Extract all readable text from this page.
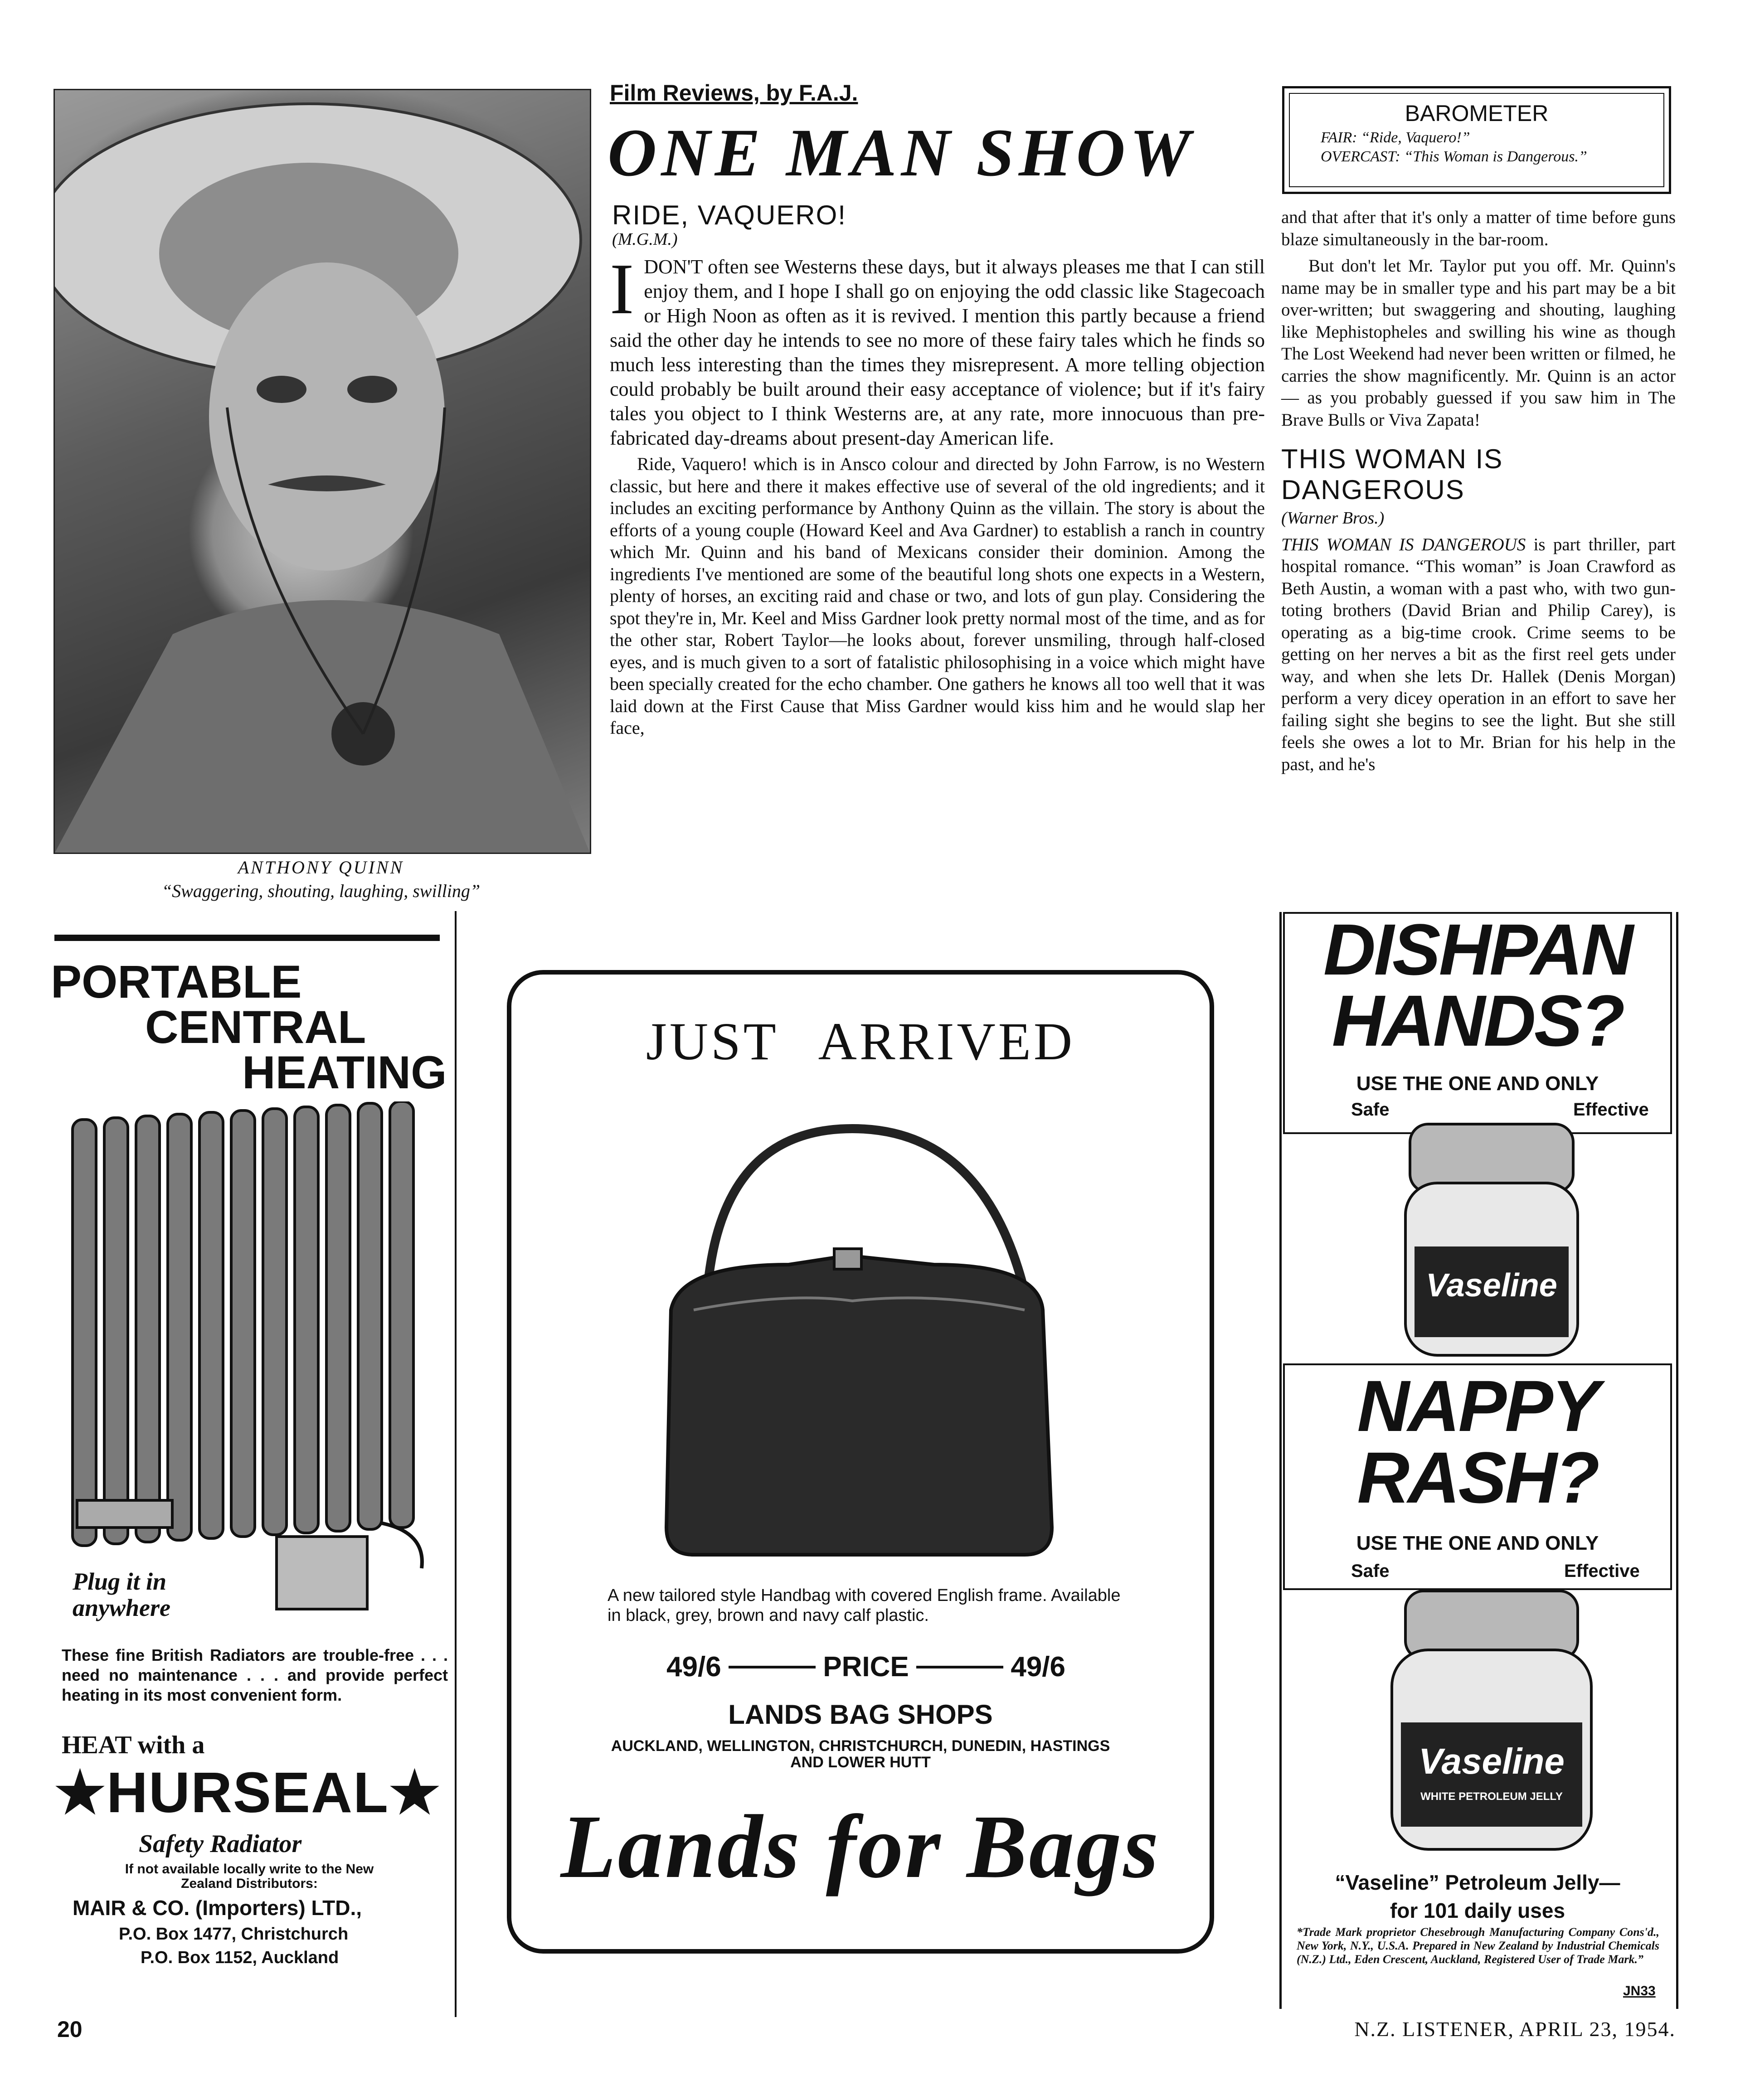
ANTHONY QUINN
“Swaggering, shouting, laughing, swilling”
Film Reviews, by F.A.J.
ONE MAN SHOW
RIDE, VAQUERO!
(M.G.M.)
I DON'T often see Westerns these days, but it always pleases me that I can still enjoy them, and I hope I shall go on enjoying the odd classic like Stagecoach or High Noon as often as it is revived. I mention this partly because a friend said the other day he intends to see no more of these fairy tales which he finds so much less interesting than the times they misrepresent. A more telling objection could probably be built around their easy acceptance of violence; but if it's fairy tales you object to I think Westerns are, at any rate, more innocuous than pre-fabricated day-dreams about present-day American life.

Ride, Vaquero! which is in Ansco colour and directed by John Farrow, is no Western classic, but here and there it makes effective use of several of the old ingredients; and it includes an exciting performance by Anthony Quinn as the villain. The story is about the efforts of a young couple (Howard Keel and Ava Gardner) to establish a ranch in country which Mr. Quinn and his band of Mexicans consider their dominion. Among the ingredients I've mentioned are some of the beautiful long shots one expects in a Western, plenty of horses, an exciting raid and chase or two, and lots of gun play. Considering the spot they're in, Mr. Keel and Miss Gardner look pretty normal most of the time, and as for the other star, Robert Taylor—he looks about, forever unsmiling, through half-closed eyes, and is much given to a sort of fatalistic philosophising in a voice which might have been specially created for the echo chamber. One gathers he knows all too well that it was laid down at the First Cause that Miss Gardner would kiss him and he would slap her face,

BAROMETER
FAIR: “Ride, Vaquero!”
OVERCAST: “This Woman is Dangerous.”

and that after that it's only a matter of time before guns blaze simultaneously in the bar-room.

But don't let Mr. Taylor put you off. Mr. Quinn's name may be in smaller type and his part may be a bit over-written; but swaggering and shouting, laughing like Mephistopheles and swilling his wine as though The Lost Weekend had never been written or filmed, he carries the show magnificently. Mr. Quinn is an actor — as you probably guessed if you saw him in The Brave Bulls or Viva Zapata!

THIS WOMAN IS DANGEROUS
(Warner Bros.)

THIS WOMAN IS DANGEROUS is part thriller, part hospital romance. “This woman” is Joan Crawford as Beth Austin, a woman with a past who, with two gun-toting brothers (David Brian and Philip Carey), is operating as a big-time crook. Crime seems to be getting on her nerves a bit as the first reel gets under way, and when she lets Dr. Hallek (Denis Morgan) perform a very dicey operation in an effort to save her failing sight she begins to see the light. But she still feels she owes a lot to Mr. Brian for his help in the past, and he's

PORTABLE
CENTRAL
HEATING
Plug it in anywhere
These fine British Radiators are trouble-free . . . need no maintenance . . . and provide perfect heating in its most convenient form.
HEAT with a
★HURSEAL★
Safety Radiator
If not available locally write to the New Zealand Distributors:
MAIR & CO. (Importers) LTD.,
P.O. Box 1477, Christchurch
P.O. Box 1152, Auckland
JUST ARRIVED
A new tailored style Handbag with covered English frame. Available in black, grey, brown and navy calf plastic.
49/6	PRICE	49/6
LANDS BAG SHOPS
AUCKLAND, WELLINGTON, CHRISTCHURCH, DUNEDIN, HASTINGS AND LOWER HUTT
Lands for Bags
DISHPAN
HANDS?
USE THE ONE AND ONLY
Safe	Effective
Vaseline
NAPPY
RASH?
USE THE ONE AND ONLY
Safe	Effective
Vaseline
WHITE PETROLEUM JELLY
“Vaseline” Petroleum Jelly—
for 101 daily uses
*Trade Mark proprietor Chesebrough Manufacturing Company Cons'd., New York, N.Y., U.S.A. Prepared in New Zealand by Industrial Chemicals (N.Z.) Ltd., Eden Crescent, Auckland, Registered User of Trade Mark.”
JN33
20	N.Z. LISTENER, APRIL 23, 1954.
